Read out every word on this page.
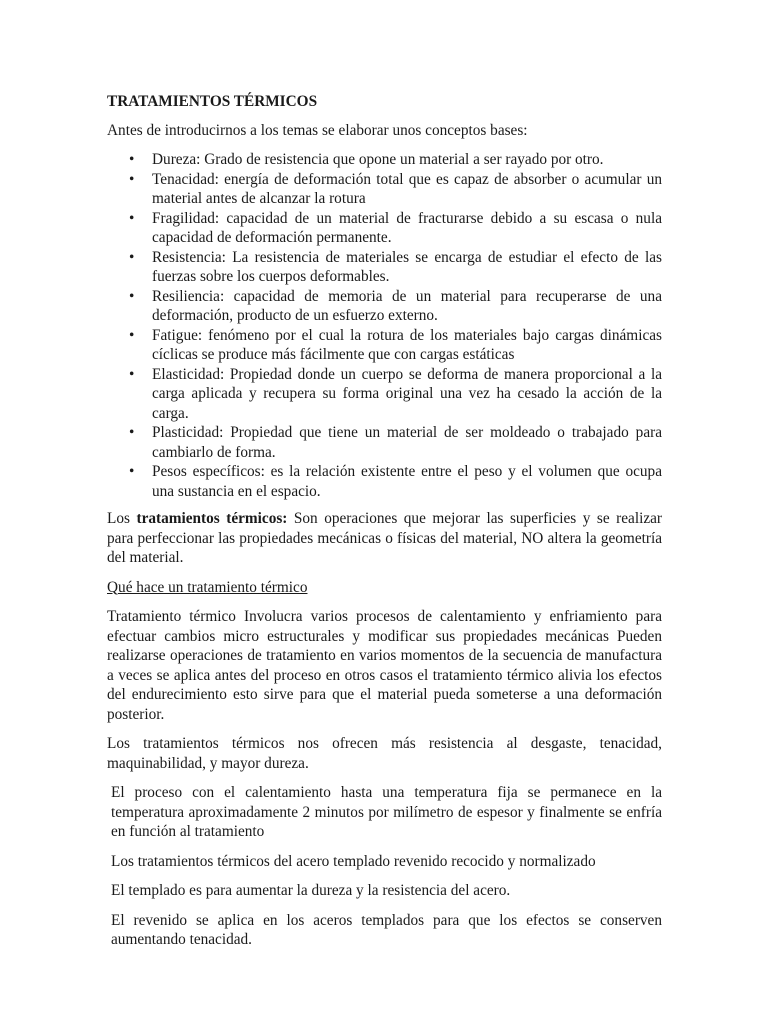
TRATAMIENTOS TÉRMICOS

Antes de introducirnos a los temas se elaborar unos conceptos bases:

• Dureza: Grado de resistencia que opone un material a ser rayado por otro.
• Tenacidad: energía de deformación total que es capaz de absorber o acumular un material antes de alcanzar la rotura
• Fragilidad: capacidad de un material de fracturarse debido a su escasa o nula capacidad de deformación permanente.
• Resistencia: La resistencia de materiales se encarga de estudiar el efecto de las fuerzas sobre los cuerpos deformables.
• Resiliencia: capacidad de memoria de un material para recuperarse de una deformación, producto de un esfuerzo externo.
• Fatigue: fenómeno por el cual la rotura de los materiales bajo cargas dinámicas cíclicas se produce más fácilmente que con cargas estáticas
• Elasticidad: Propiedad donde un cuerpo se deforma de manera proporcional a la carga aplicada y recupera su forma original una vez ha cesado la acción de la carga.
• Plasticidad: Propiedad que tiene un material de ser moldeado o trabajado para cambiarlo de forma.
• Pesos específicos: es la relación existente entre el peso y el volumen que ocupa una sustancia en el espacio.

Los tratamientos térmicos: Son operaciones que mejorar las superficies y se realizar para perfeccionar las propiedades mecánicas o físicas del material, NO altera la geometría del material.

Qué hace un tratamiento térmico

Tratamiento térmico Involucra varios procesos de calentamiento y enfriamiento para efectuar cambios micro estructurales y modificar sus propiedades mecánicas Pueden realizarse operaciones de tratamiento en varios momentos de la secuencia de manufactura a veces se aplica antes del proceso en otros casos el tratamiento térmico alivia los efectos del endurecimiento esto sirve para que el material pueda someterse a una deformación posterior.

Los tratamientos térmicos nos ofrecen más resistencia al desgaste, tenacidad, maquinabilidad, y mayor dureza.

El proceso con el calentamiento hasta una temperatura fija se permanece en la temperatura aproximadamente 2 minutos por milímetro de espesor y finalmente se enfría en función al tratamiento

Los tratamientos térmicos del acero templado revenido recocido y normalizado

El templado es para aumentar la dureza y la resistencia del acero.

El revenido se aplica en los aceros templados para que los efectos se conserven aumentando tenacidad.
